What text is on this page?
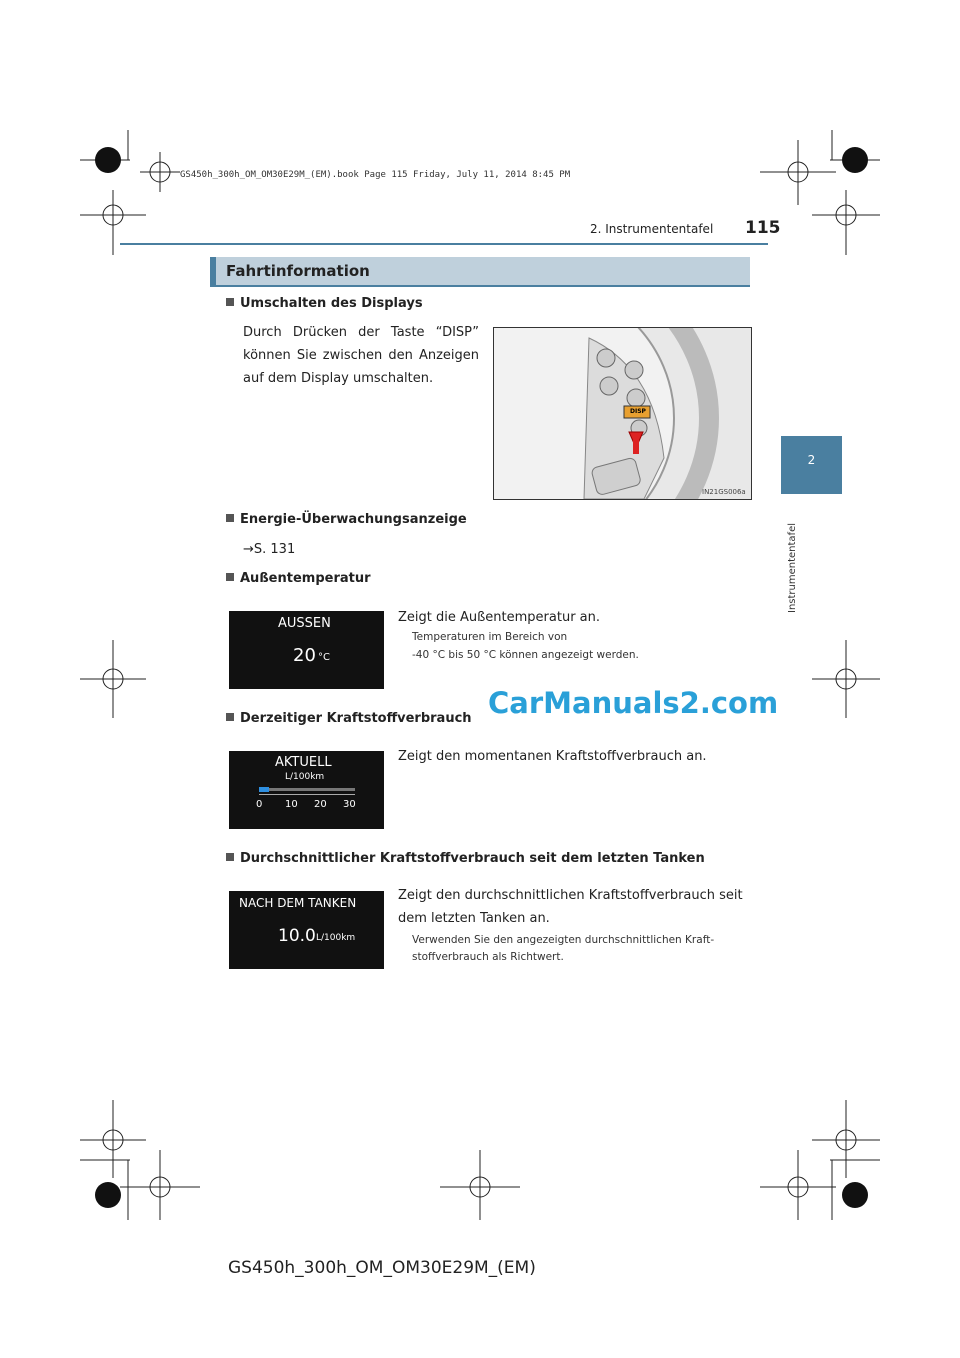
GS450h_300h_OM_OM30E29M_(EM).book Page 115 Friday, July 11, 2014 8:45 PM
2. Instrumententafel 115
2
Instrumententafel
Fahrtinformation
Umschalten des Displays
Durch Drücken der Taste “DISP” können Sie zwischen den Anzeigen auf dem Display umschalten.
DISP
IN21GS006a
Energie-Überwachungsanzeige
→S. 131
Außentemperatur
AUSSEN
20 °C
Zeigt die Außentemperatur an.
Temperaturen im Bereich von
-40 °C bis 50 °C können angezeigt werden.
Derzeitiger Kraftstoffverbrauch
AKTUELL
L/100km
0 10 20 30
Zeigt den momentanen Kraftstoffverbrauch an.
Durchschnittlicher Kraftstoffverbrauch seit dem letzten Tanken
NACH DEM TANKEN
10.0 L/100km
Zeigt den durchschnittlichen Kraftstoffverbrauch seit
dem letzten Tanken an.
Verwenden Sie den angezeigten durchschnittlichen Kraft-
stoffverbrauch als Richtwert.
CarManuals2.com
GS450h_300h_OM_OM30E29M_(EM)
